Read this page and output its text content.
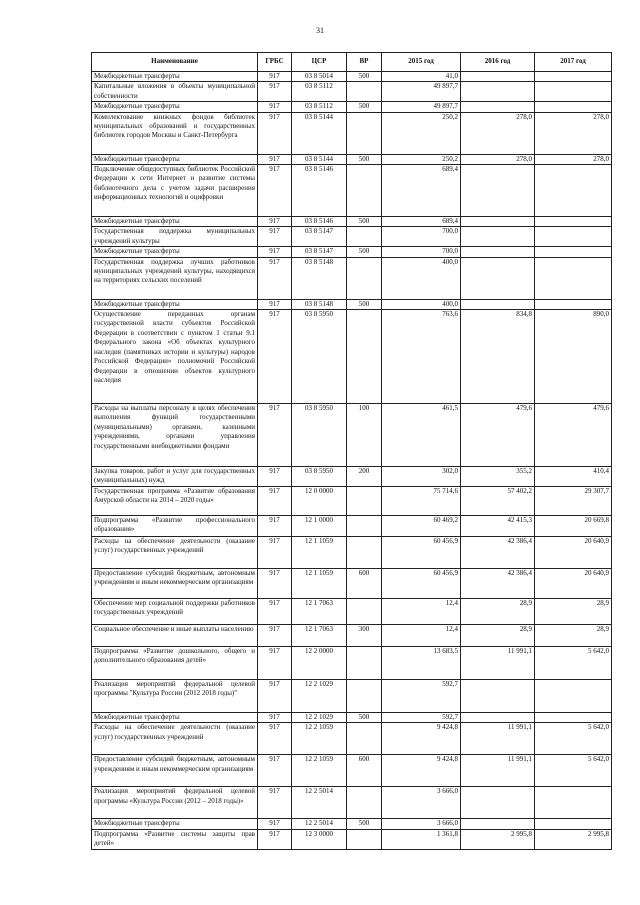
31
Наименование	ГРБС	ЦСР	ВР	2015 год	2016 год	2017 год
Межбюджетные трансферты	917	03 8 5014	500	41,0		
Капитальные вложения в объекты муниципальной собственности	917	03 8 5112		49 897,7		
Межбюджетные трансферты	917	03 8 5112	500	49 897,7		
Комплектование книжных фондов библиотек муниципальных образований и государственных библиотек городов Москвы и Санкт-Петербурга	917	03 8 5144		250,2	278,0	278,0
Межбюджетные трансферты	917	03 8 5144	500	250,2	278,0	278,0
Подключение общедоступных библиотек Российской Федерации к сети Интернет и развитие системы библиотечного дела с учетом задачи расширения информационных технологий и оцифровки	917	03 8 5146		689,4		
Межбюджетные трансферты	917	03 8 5146	500	689,4		
Государственная поддержка муниципальных учреждений культуры	917	03 8 5147		700,0		
Межбюджетные трансферты	917	03 8 5147	500	700,0		
Государственная поддержка лучших работников муниципальных учреждений культуры, находящихся на территориях сельских поселений	917	03 8 5148		400,0		
Межбюджетные трансферты	917	03 8 5148	500	400,0		
Осуществление переданных органам государственной власти субъектов Российской Федерации в соответствии с пунктом 1 статьи 9.1 Федерального закона «Об объектах культурного наследия (памятниках истории и культуры) народов Российской Федерации» полномочий Российской Федерации в отношении объектов культурного наследия	917	03 8 5950		763,6	834,8	890,0
Расходы на выплаты персоналу в целях обеспечения выполнения функций государственными (муниципальными) органами, казенными учреждениями, органами управления государственными внебюджетными фондами	917	03 8 5950	100	461,5	479,6	479,6
Закупка товаров, работ и услуг для государственных (муниципальных) нужд	917	03 8 5950	200	302,0	355,2	410,4
Государственная программа «Развитие образования Амурской области на 2014 – 2020 годы»	917	12 0 0000		75 714,6	57 402,2	29 307,7
Подпрограмма «Развитие профессионального образования»	917	12 1 0000		60 469,2	42 415,3	20 669,8
Расходы на обеспечение деятельности (оказание услуг) государственных учреждений	917	12 1 1059		60 456,9	42 386,4	20 640,9
Предоставление субсидий бюджетным, автономным учреждениям и иным некоммерческим организациям	917	12 1 1059	600	60 456,9	42 386,4	20 640,9
Обеспечение мер социальной поддержки работников государственных учреждений	917	12 1 7063		12,4	28,9	28,9
Социальное обеспечение и иные выплаты населению	917	12 1 7063	300	12,4	28,9	28,9
Подпрограмма «Развитие дошкольного, общего и дополнительного образования детей»	917	12 2 0000		13 683,5	11 991,1	5 642,0
Реализация мероприятий федеральной целевой программы "Культура России (2012 2018 годы)"	917	12 2 1029		592,7		
Межбюджетные трансферты	917	12 2 1029	500	592,7		
Расходы на обеспечение деятельности (оказание услуг) государственных учреждений	917	12 2 1059		9 424,8	11 991,1	5 642,0
Предоставление субсидий бюджетным, автономным учреждениям и иным некоммерческим организациям	917	12 2 1059	600	9 424,8	11 991,1	5 642,0
Реализация мероприятий федеральной целевой программы «Культура России (2012 – 2018 годы)»	917	12 2 5014		3 666,0		
Межбюджетные трансферты	917	12 2 5014	500	3 666,0		
Подпрограмма «Развитие системы защиты прав детей»	917	12 3 0000		1 361,8	2 995,8	2 995,8
